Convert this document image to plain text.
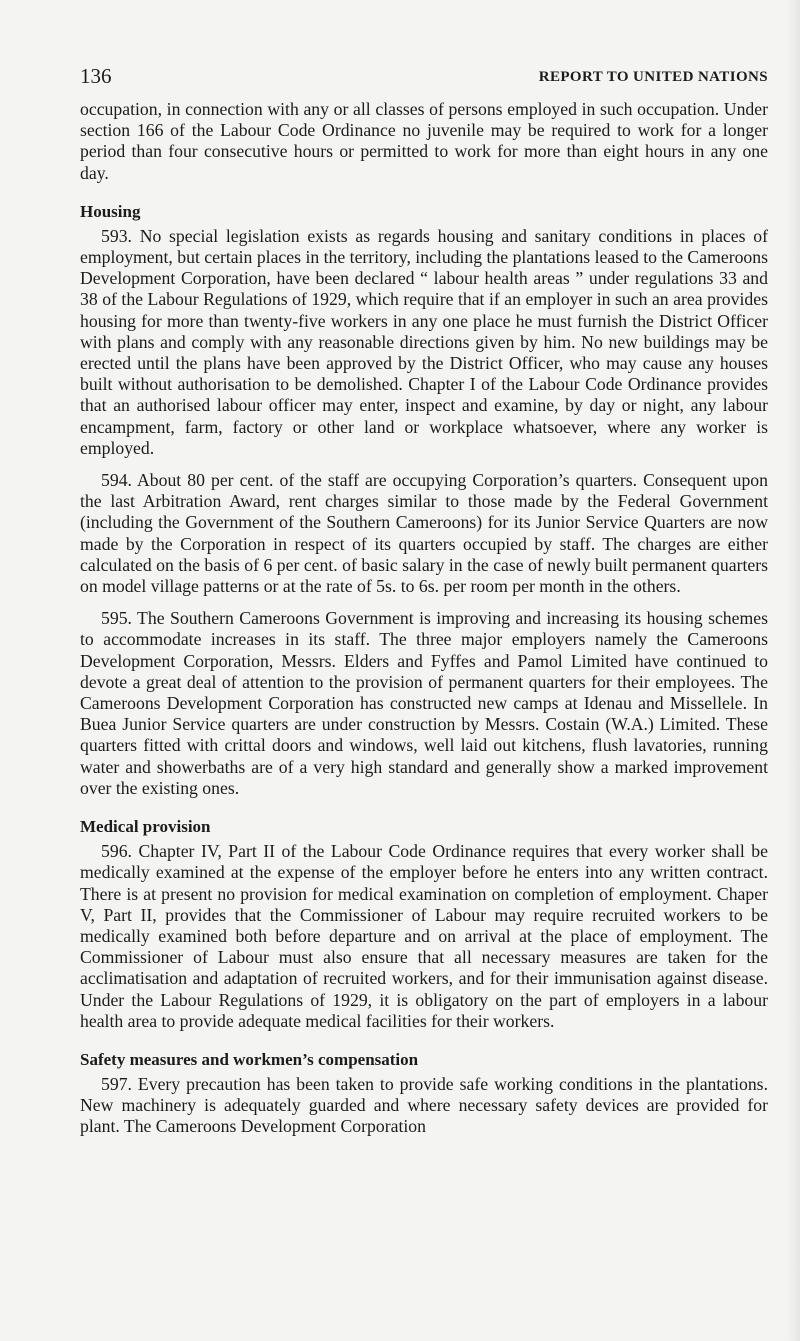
136	REPORT TO UNITED NATIONS

occupation, in connection with any or all classes of persons employed in such occupation. Under section 166 of the Labour Code Ordinance no juvenile may be required to work for a longer period than four consecutive hours or permitted to work for more than eight hours in any one day.

Housing

593. No special legislation exists as regards housing and sanitary conditions in places of employment, but certain places in the territory, including the plantations leased to the Cameroons Development Corporation, have been declared “ labour health areas ” under regulations 33 and 38 of the Labour Regulations of 1929, which require that if an employer in such an area provides housing for more than twenty-five workers in any one place he must furnish the District Officer with plans and comply with any reasonable directions given by him. No new buildings may be erected until the plans have been approved by the District Officer, who may cause any houses built without authorisation to be demolished. Chapter I of the Labour Code Ordinance provides that an authorised labour officer may enter, inspect and examine, by day or night, any labour encampment, farm, factory or other land or workplace whatsoever, where any worker is employed.

594. About 80 per cent. of the staff are occupying Corporation’s quarters. Consequent upon the last Arbitration Award, rent charges similar to those made by the Federal Government (including the Government of the Southern Cameroons) for its Junior Service Quarters are now made by the Corporation in respect of its quarters occupied by staff. The charges are either calculated on the basis of 6 per cent. of basic salary in the case of newly built permanent quarters on model village patterns or at the rate of 5s. to 6s. per room per month in the others.

595. The Southern Cameroons Government is improving and increasing its housing schemes to accommodate increases in its staff. The three major employers namely the Cameroons Development Corporation, Messrs. Elders and Fyffes and Pamol Limited have continued to devote a great deal of attention to the provision of permanent quarters for their employees. The Cameroons Development Corporation has constructed new camps at Idenau and Missellele. In Buea Junior Service quarters are under construction by Messrs. Costain (W.A.) Limited. These quarters fitted with crittal doors and windows, well laid out kitchens, flush lavatories, running water and showerbaths are of a very high standard and generally show a marked improvement over the existing ones.

Medical provision

596. Chapter IV, Part II of the Labour Code Ordinance requires that every worker shall be medically examined at the expense of the employer before he enters into any written contract. There is at present no provision for medical examination on completion of employment. Chaper V, Part II, provides that the Commissioner of Labour may require recruited workers to be medically examined both before departure and on arrival at the place of employment. The Commissioner of Labour must also ensure that all necessary measures are taken for the acclimatisation and adaptation of recruited workers, and for their immunisation against disease. Under the Labour Regulations of 1929, it is obligatory on the part of employers in a labour health area to provide adequate medical facilities for their workers.

Safety measures and workmen’s compensation

597. Every precaution has been taken to provide safe working conditions in the plantations. New machinery is adequately guarded and where necessary safety devices are provided for plant. The Cameroons Development Corporation
